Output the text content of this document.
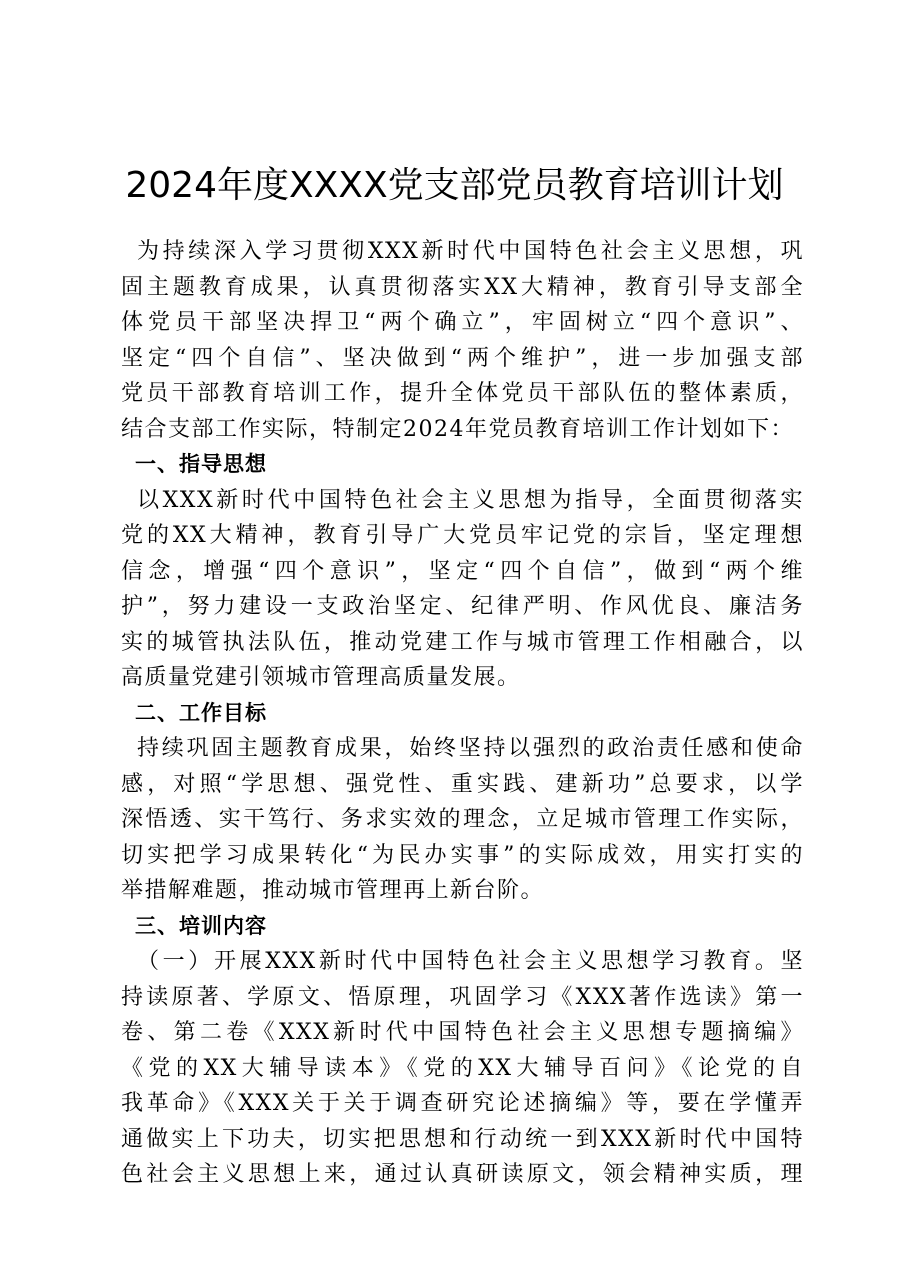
2024年度XXXX党支部党员教育培训计划
为持续深入学习贯彻XXX新时代中国特色社会主义思想，巩
固主题教育成果，认真贯彻落实XX大精神，教育引导支部全
体党员干部坚决捍卫“两个确立”，牢固树立“四个意识”、
坚定“四个自信”、坚决做到“两个维护”，进一步加强支部
党员干部教育培训工作，提升全体党员干部队伍的整体素质，
结合支部工作实际，特制定2024年党员教育培训工作计划如下：
一、指导思想
以XXX新时代中国特色社会主义思想为指导，全面贯彻落实
党的XX大精神，教育引导广大党员牢记党的宗旨，坚定理想
信念，增强“四个意识”，坚定“四个自信”，做到“两个维
护”，努力建设一支政治坚定、纪律严明、作风优良、廉洁务
实的城管执法队伍，推动党建工作与城市管理工作相融合，以
高质量党建引领城市管理高质量发展。
二、工作目标
持续巩固主题教育成果，始终坚持以强烈的政治责任感和使命
感，对照“学思想、强党性、重实践、建新功”总要求，以学
深悟透、实干笃行、务求实效的理念，立足城市管理工作实际，
切实把学习成果转化“为民办实事”的实际成效，用实打实的
举措解难题，推动城市管理再上新台阶。
三、培训内容
（一）开展XXX新时代中国特色社会主义思想学习教育。坚
持读原著、学原文、悟原理，巩固学习《XXX著作选读》第一
卷、第二卷《XXX新时代中国特色社会主义思想专题摘编》
《党的XX大辅导读本》《党的XX大辅导百问》《论党的自
我革命》《XXX关于关于调查研究论述摘编》等，要在学懂弄
通做实上下功夫，切实把思想和行动统一到XXX新时代中国特
色社会主义思想上来，通过认真研读原文，领会精神实质，理
